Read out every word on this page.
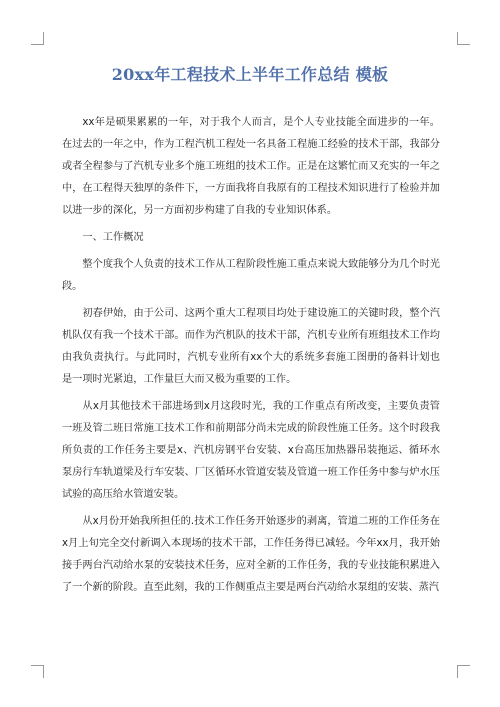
20xx年工程技术上半年工作总结 模板

xx年是硕果累累的一年，对于我个人而言，是个人专业技能全面进步的一年。在过去的一年之中，作为工程汽机工程处一名具备工程施工经验的技术干部，我部分或者全程参与了汽机专业多个施工班组的技术工作。正是在这繁忙而又充实的一年之中，在工程得天独厚的条件下，一方面我将自我原有的工程技术知识进行了检验并加以进一步的深化，另一方面初步构建了自我的专业知识体系。

一、工作概况

整个度我个人负责的技术工作从工程阶段性施工重点来说大致能够分为几个时光段。

初春伊始，由于公司、这两个重大工程项目均处于建设施工的关键时段，整个汽机队仅有我一个技术干部。而作为汽机队的技术干部，汽机专业所有班组技术工作均由我负责执行。与此同时，汽机专业所有xx个大的系统多套施工图册的备料计划也是一项时光紧迫，工作量巨大而又极为重要的工作。

从x月其他技术干部进场到x月这段时光，我的工作重点有所改变，主要负责管一班及管二班日常施工技术工作和前期部分尚未完成的阶段性施工任务。这个时段我所负责的工作任务主要是x、汽机房钢平台安装、x台高压加热器吊装拖运、循环水泵房行车轨道梁及行车安装、厂区循环水管道安装及管道一班工作任务中参与炉水压试验的高压给水管道安装。

从x月份开始我所担任的.技术工作任务开始逐步的剥离，管道二班的工作任务在x月上旬完全交付新调入本现场的技术干部，工作任务得已减轻。今年xx月，我开始接手两台汽动给水泵的安装技术任务，应对全新的工作任务，我的专业技能积累进入了一个新的阶段。直至此刻，我的工作侧重点主要是两台汽动给水泵组的安装、蒸汽
